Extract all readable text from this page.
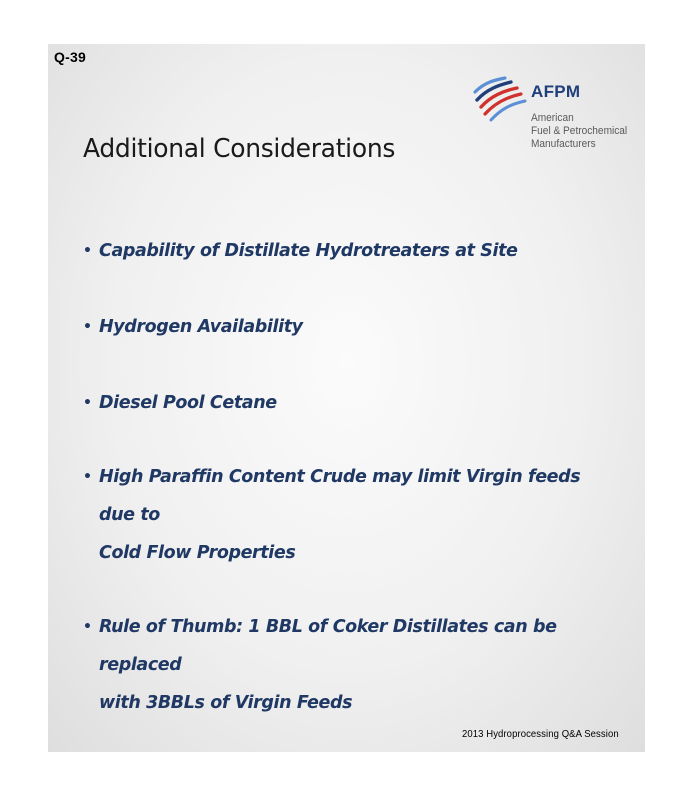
Q-39
AFPM
American
Fuel & Petrochemical
Manufacturers
Additional Considerations
• Capability of Distillate Hydrotreaters at Site
• Hydrogen Availability
• Diesel Pool Cetane
• High Paraffin Content Crude may limit Virgin feeds due to
Cold Flow Properties
• Rule of Thumb: 1 BBL of Coker Distillates can be replaced
with 3BBLs of Virgin Feeds
2013 Hydroprocessing Q&A Session
